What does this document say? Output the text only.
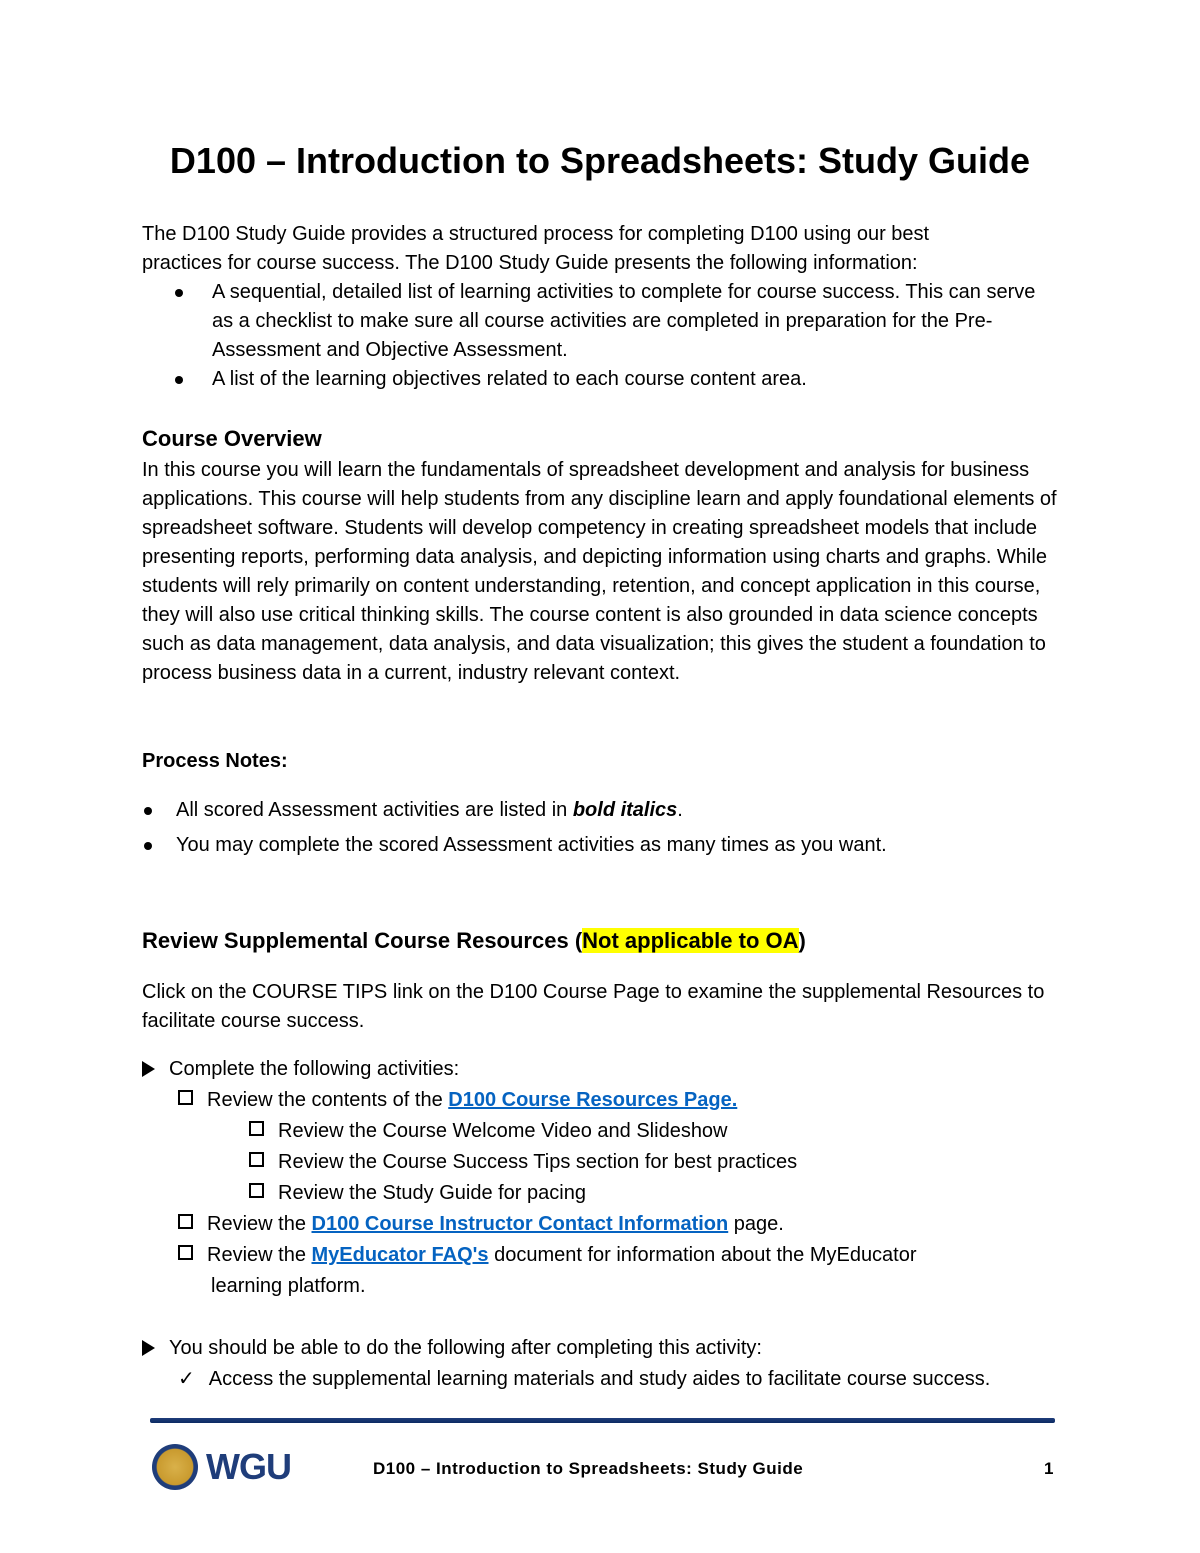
D100 – Introduction to Spreadsheets: Study Guide
The D100 Study Guide provides a structured process for completing D100 using our best
practices for course success. The D100 Study Guide presents the following information:
A sequential, detailed list of learning activities to complete for course success. This can serve as a checklist to make sure all course activities are completed in preparation for the Pre-Assessment and Objective Assessment.
A list of the learning objectives related to each course content area.
Course Overview
In this course you will learn the fundamentals of spreadsheet development and analysis for business applications. This course will help students from any discipline learn and apply foundational elements of spreadsheet software. Students will develop competency in creating spreadsheet models that include presenting reports, performing data analysis, and depicting information using charts and graphs. While students will rely primarily on content understanding, retention, and concept application in this course, they will also use critical thinking skills. The course content is also grounded in data science concepts such as data management, data analysis, and data visualization; this gives the student a foundation to process business data in a current, industry relevant context.
Process Notes:
All scored Assessment activities are listed in bold italics.
You may complete the scored Assessment activities as many times as you want.
Review Supplemental Course Resources (Not applicable to OA)
Click on the COURSE TIPS link on the D100 Course Page to examine the supplemental Resources to facilitate course success.
Complete the following activities:
Review the contents of the D100 Course Resources Page.
Review the Course Welcome Video and Slideshow
Review the Course Success Tips section for best practices
Review the Study Guide for pacing
Review the D100 Course Instructor Contact Information page.
Review the MyEducator FAQ's document for information about the MyEducator
learning platform.
You should be able to do the following after completing this activity:
✓ Access the supplemental learning materials and study aides to facilitate course success.
WGU	D100 – Introduction to Spreadsheets: Study Guide	1
